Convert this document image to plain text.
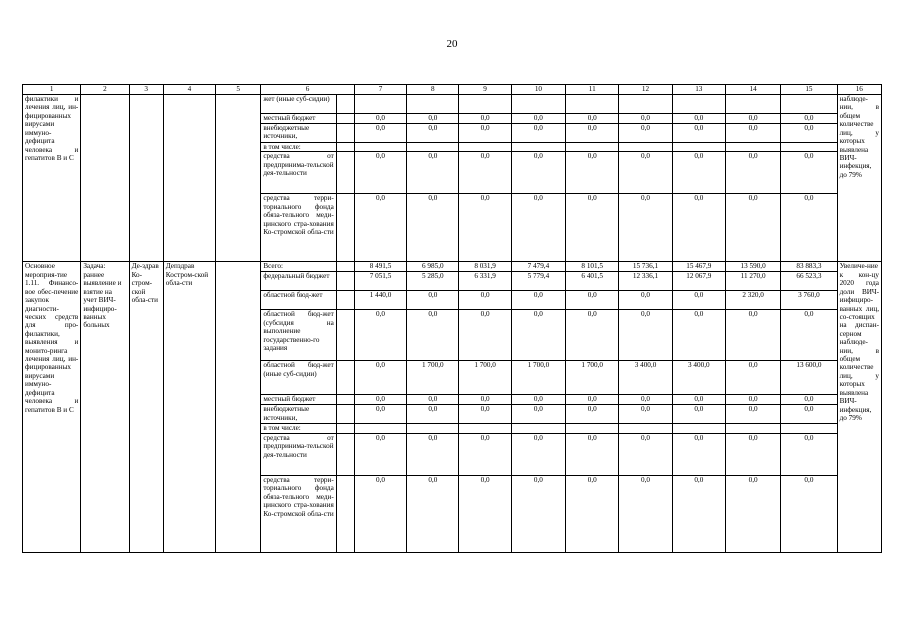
20
1	2	3	4	5	6		7	8	9	10	11	12	13	14	15	16
филактики и лечения лиц, ин-фицированных вирусами иммуно-дефицита человека и гепатитов В и С					жет (иные суб-сидии)											наблюде-нии, в общем количестве лиц, у которых выявлена ВИЧ-инфекция, до 79%
					местный бюджет		0,0	0,0	0,0	0,0	0,0	0,0	0,0	0,0	0,0	
					внебюджетные источники,		0,0	0,0	0,0	0,0	0,0	0,0	0,0	0,0	0,0	
					в том числе:											
					средства от предпринима-тельской дея-тельности		0,0	0,0	0,0	0,0	0,0	0,0	0,0	0,0	0,0	
					средства терри-ториального фонда обяза-тельного меди-цинского стра-хования Ко-стромской обла-сти		0,0	0,0	0,0	0,0	0,0	0,0	0,0	0,0	0,0	
Основное мероприя-тие 1.11. Финансо-вое обес-печение закупок диагности-ческих средств для про-филактики, выявления и монито-ринга лечения лиц, ин-фицированных вирусами иммуно-дефицита человека и гепатитов В и С	Задача: раннее выявление и взятие на учет ВИЧ-инфициро-ванных больных	Де-здрав Ко-стром-ской обла-сти	Депздрав Костром-ской обла-сти		Всего:		8 491,5	6 985,0	8 031,9	7 479,4	8 101,5	15 736,1	15 467,9	13 590,0	83 883,3	Увеличе-ние к кон-цу 2020 года доли ВИЧ-инфициро-ванных лиц, со-стоящих на диспан-серном наблюде-нии, в общем количестве лиц, у которых выявлена ВИЧ-инфекция, до 79%
					федеральный бюджет		7 051,5	5 285,0	6 331,9	5 779,4	6 401,5	12 336,1	12 067,9	11 270,0	66 523,3	
					областной бюд-жет		1 440,0	0,0	0,0	0,0	0,0	0,0	0,0	2 320,0	3 760,0	
					областной бюд-жет (субсидия на выполнение государственно-го задания		0,0	0,0	0,0	0,0	0,0	0,0	0,0	0,0	0,0	
					областной бюд-жет (иные суб-сидии)		0,0	1 700,0	1 700,0	1 700,0	1 700,0	3 400,0	3 400,0	0,0	13 600,0	
					местный бюджет		0,0	0,0	0,0	0,0	0,0	0,0	0,0	0,0	0,0	
					внебюджетные источники,		0,0	0,0	0,0	0,0	0,0	0,0	0,0	0,0	0,0	
					в том числе:											
					средства от предпринима-тельской дея-тельности		0,0	0,0	0,0	0,0	0,0	0,0	0,0	0,0	0,0	
					средства терри-ториального фонда обяза-тельного меди-цинского стра-хования Ко-стромской обла-сти		0,0	0,0	0,0	0,0	0,0	0,0	0,0	0,0	0,0	
